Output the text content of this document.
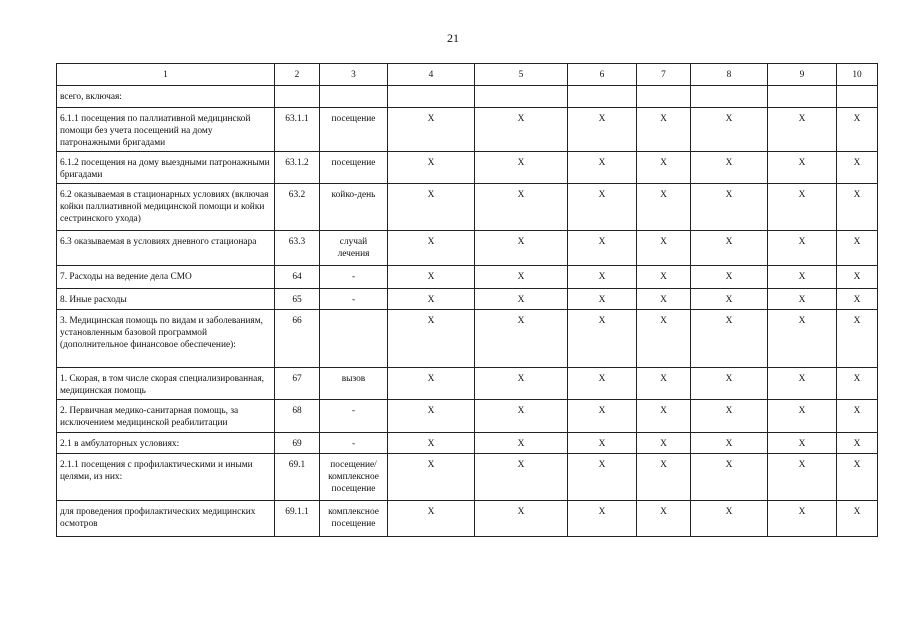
21
1	2	3	4	5	6	7	8	9	10
всего, включая:									
6.1.1 посещения по паллиативной медицинской помощи без учета посещений на дому патронажными бригадами	63.1.1	посещение	X	X	X	X	X	X	X
6.1.2 посещения на дому выездными патронажными бригадами	63.1.2	посещение	X	X	X	X	X	X	X
6.2 оказываемая в стационарных условиях (включая койки паллиативной медицинской помощи и койки сестринского ухода)	63.2	койко-день	X	X	X	X	X	X	X
6.3 оказываемая в условиях дневного стационара	63.3	случай лечения	X	X	X	X	X	X	X
7. Расходы на ведение дела СМО	64	-	X	X	X	X	X	X	X
8. Иные расходы	65	-	X	X	X	X	X	X	X
3. Медицинская помощь по видам и заболеваниям, установленным базовой программой (дополнительное финансовое обеспечение):	66		X	X	X	X	X	X	X
1. Скорая, в том числе скорая специализированная, медицинская помощь	67	вызов	X	X	X	X	X	X	X
2. Первичная медико-санитарная помощь, за исключением медицинской реабилитации	68	-	X	X	X	X	X	X	X
2.1 в амбулаторных условиях:	69	-	X	X	X	X	X	X	X
2.1.1 посещения с профилактическими и иными целями, из них:	69.1	посещение/ комплексное посещение	X	X	X	X	X	X	X
для проведения профилактических медицинских осмотров	69.1.1	комплексное посещение	X	X	X	X	X	X	X
